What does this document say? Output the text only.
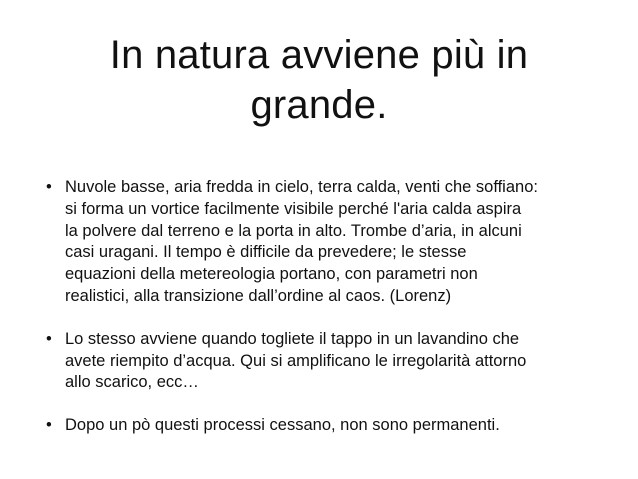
In natura avviene più in
grande.
• Nuvole basse, aria fredda in cielo, terra calda, venti che soffiano:
si forma un vortice facilmente visibile perché l'aria calda aspira
la polvere dal terreno e la porta in alto. Trombe d’aria, in alcuni
casi uragani. Il tempo è difficile da prevedere; le stesse
equazioni della metereologia portano, con parametri non
realistici, alla transizione dall’ordine al caos. (Lorenz)
• Lo stesso avviene quando togliete il tappo in un lavandino che
avete riempito d’acqua. Qui si amplificano le irregolarità attorno
allo scarico, ecc…
• Dopo un pò questi processi cessano, non sono permanenti.
